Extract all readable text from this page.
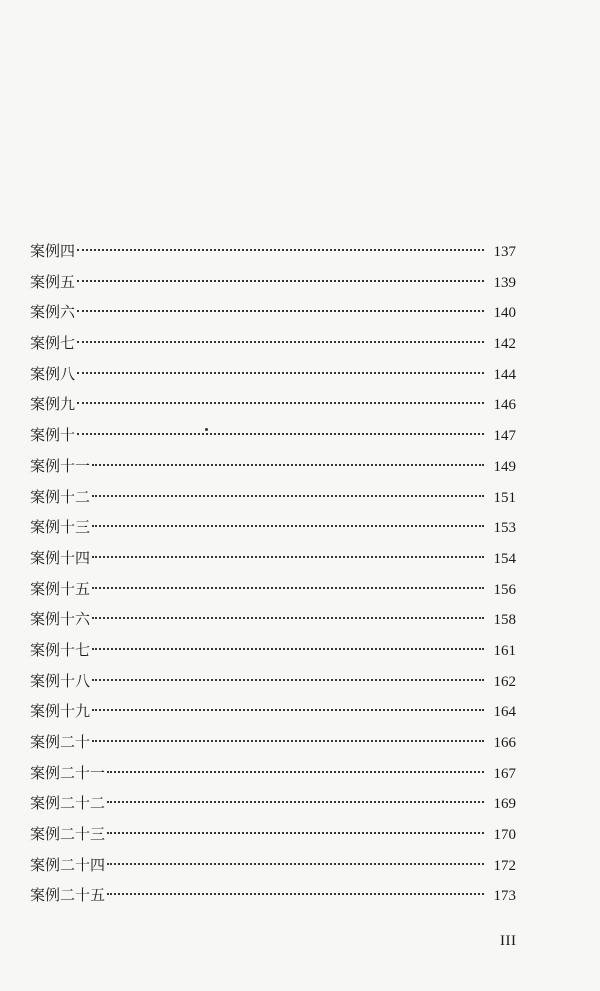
案例四	137
案例五	139
案例六	140
案例七	142
案例八	144
案例九	146
案例十	147
案例十一	149
案例十二	151
案例十三	153
案例十四	154
案例十五	156
案例十六	158
案例十七	161
案例十八	162
案例十九	164
案例二十	166
案例二十一	167
案例二十二	169
案例二十三	170
案例二十四	172
案例二十五	173
III
